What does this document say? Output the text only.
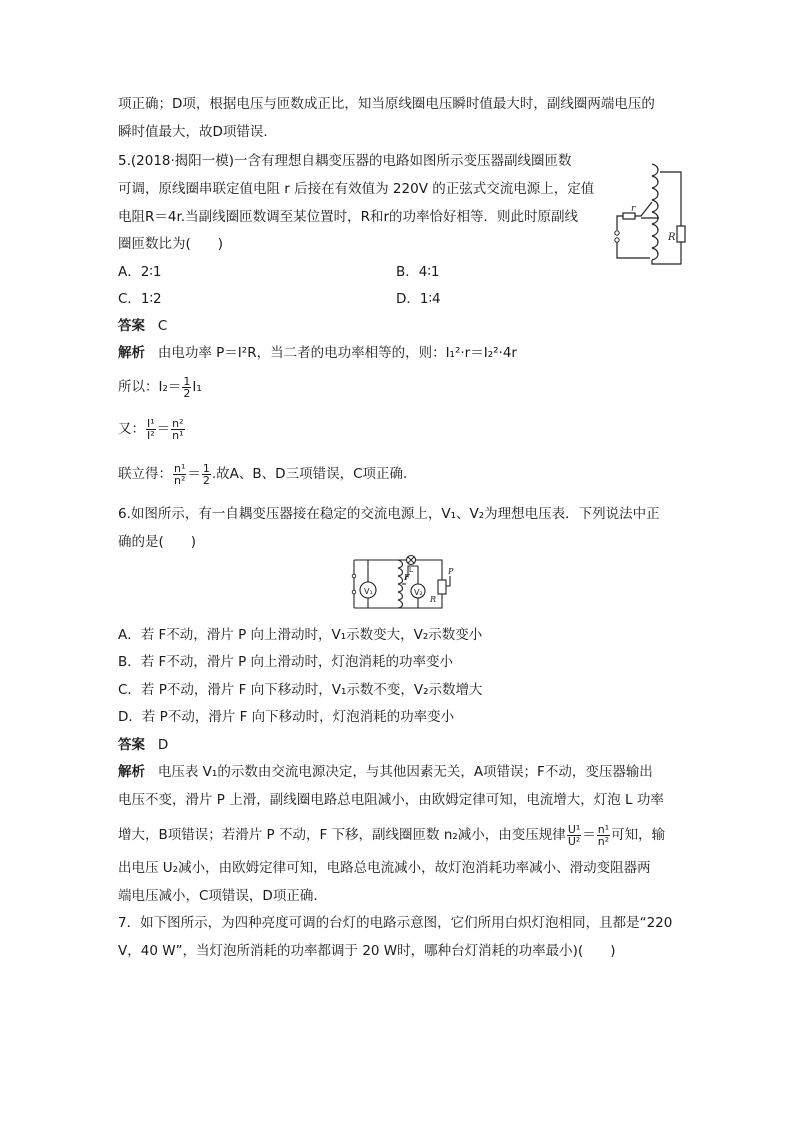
项正确；D项，根据电压与匝数成正比，知当原线圈电压瞬时值最大时，副线圈两端电压的
瞬时值最大，故D项错误.
5.(2018·揭阳一模)一含有理想自耦变压器的电路如图所示变压器副线圈匝数
可调，原线圈串联定值电阻 r 后接在有效值为 220V 的正弦式交流电源上，定值
电阻R＝4r.当副线圈匝数调至某位置时，R和r的功率恰好相等．则此时原副线
圈匝数比为(　　)
r
R
A．2∶1	B．4∶1
C．1∶2	D．1∶4
答案 C
解析 由电功率 P＝I²R，当二者的电功率相等的，则：I₁²·r＝I₂²·4r
所以：$I_2= \frac{1}{2} I_1$
又： $\frac{\text{I¹}}{\text{I²}} = \frac{\text{n²}}{\text{n¹}}$
联立得： $\frac{\text{n¹}}{\text{n²}} = \frac{1}{2}$ .故A、B、D三项错误，C项正确.
6.如图所示，有一自耦变压器接在稳定的交流电源上，V₁、V₂为理想电压表．下列说法中正
确的是(　　)
V₁	V₂
F
L	P
R
A．若 F不动，滑片 P 向上滑动时，V₁示数变大，V₂示数变小
B．若 F不动，滑片 P 向上滑动时，灯泡消耗的功率变小
C．若 P不动，滑片 F 向下移动时，V₁示数不变，V₂示数增大
D．若 P不动，滑片 F 向下移动时，灯泡消耗的功率变小
答案 D
解析 电压表 V₁的示数由交流电源决定，与其他因素无关，A项错误；F不动，变压器输出
电压不变，滑片 P 上滑，副线圈电路总电阻减小，由欧姆定律可知，电流增大，灯泡 L 功率
增大，B项错误；若滑片 P 不动，F 下移，副线圈匝数 n₂减小，由变压规律 $\frac{\text{U¹}}{\text{U²}} = \frac{\text{n¹}}{\text{n²}}$ 可知，输
出电压 U₂减小，由欧姆定律可知，电路总电流减小，故灯泡消耗功率减小、滑动变阻器两
端电压减小，C项错误，D项正确.
7．如下图所示，为四种亮度可调的台灯的电路示意图，它们所用白炽灯泡相同，且都是“220
V，40 W”，当灯泡所消耗的功率都调于 20 W时，哪种台灯消耗的功率最小)(　　)
